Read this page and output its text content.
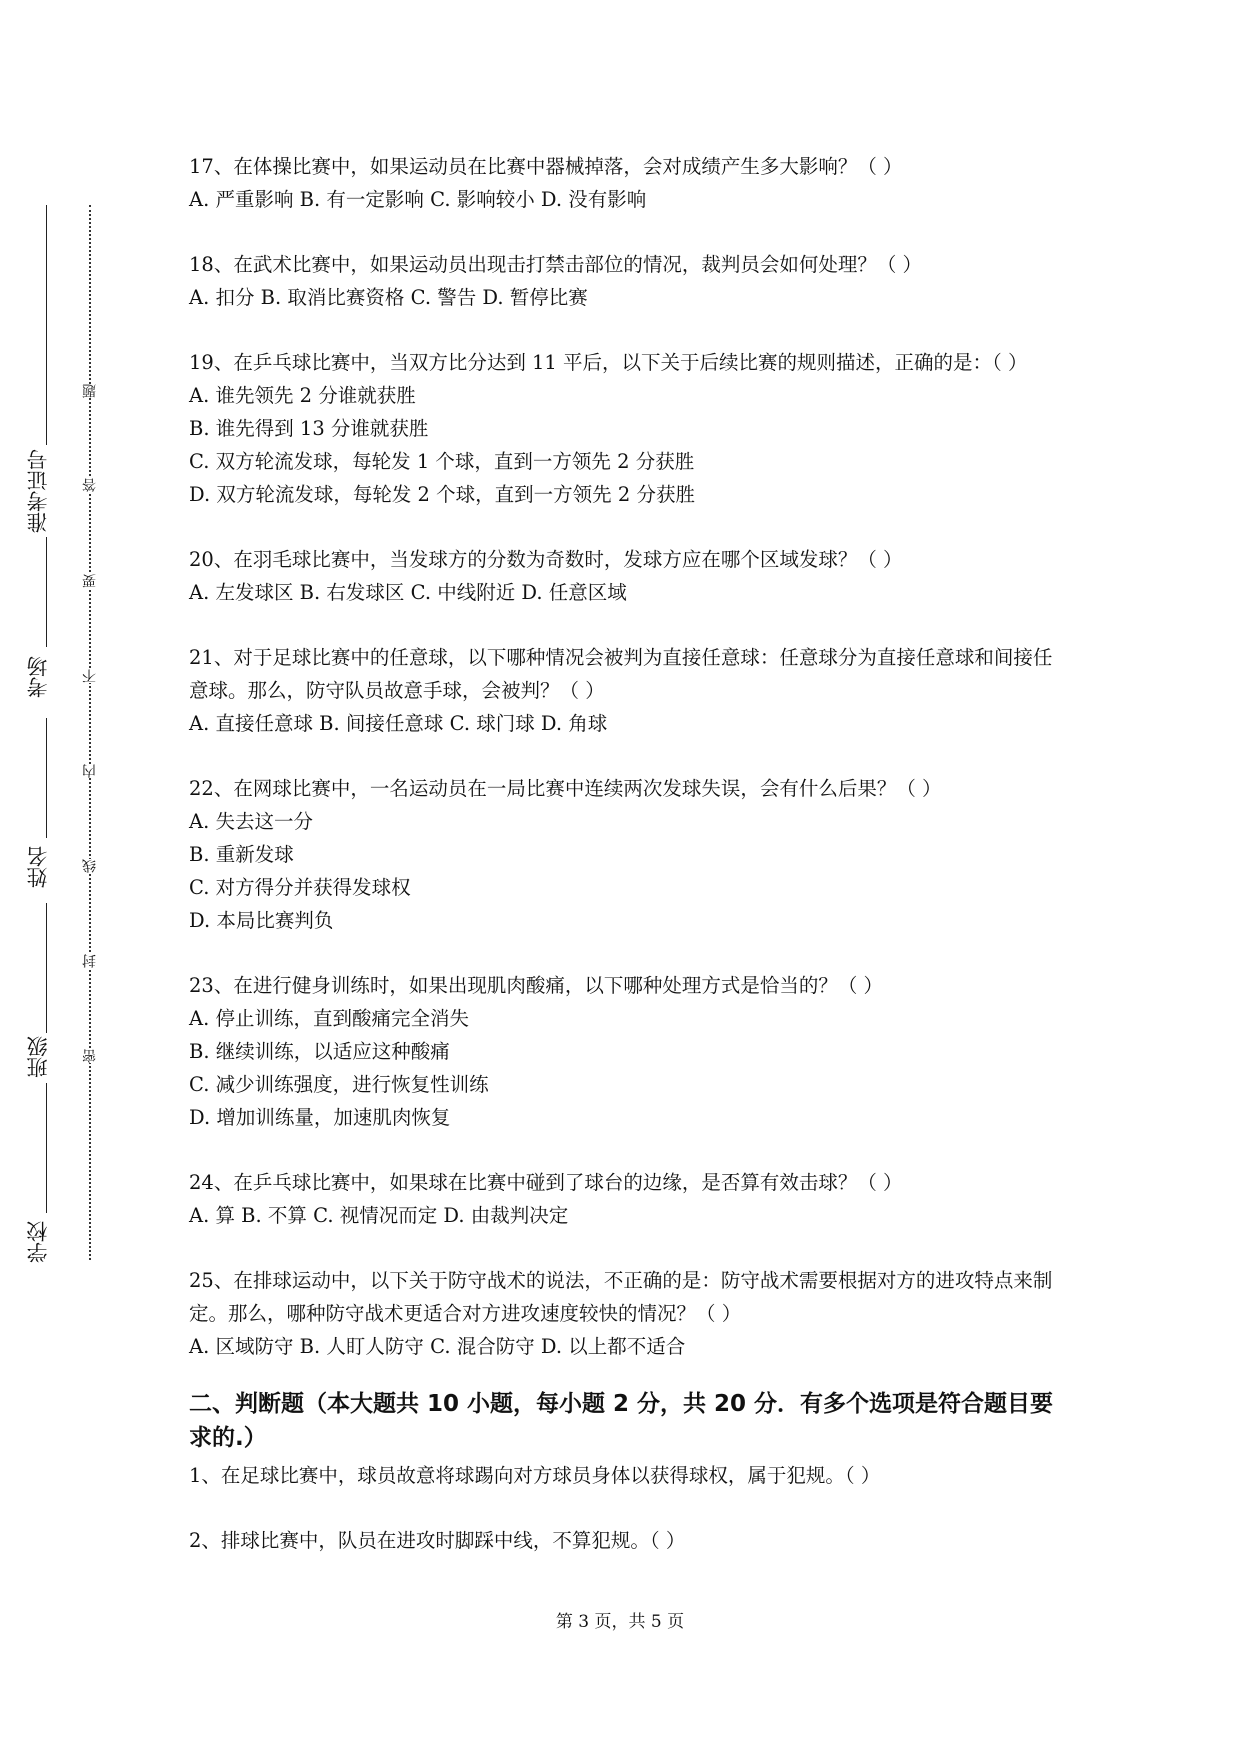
准考证号
考场
姓名
班级
学校
题
答
要
不
内
线
封
密

17、在体操比赛中，如果运动员在比赛中器械掉落，会对成绩产生多大影响？（ ）

A. 严重影响 B. 有一定影响 C. 影响较小 D. 没有影响

18、在武术比赛中，如果运动员出现击打禁击部位的情况，裁判员会如何处理？（ ）

A. 扣分 B. 取消比赛资格 C. 警告 D. 暂停比赛

19、在乒乓球比赛中，当双方比分达到 11 平后，以下关于后续比赛的规则描述，正确的是：（ ）

A. 谁先领先 2 分谁就获胜

B. 谁先得到 13 分谁就获胜

C. 双方轮流发球，每轮发 1 个球，直到一方领先 2 分获胜

D. 双方轮流发球，每轮发 2 个球，直到一方领先 2 分获胜

20、在羽毛球比赛中，当发球方的分数为奇数时，发球方应在哪个区域发球？（ ）

A. 左发球区 B. 右发球区 C. 中线附近 D. 任意区域

21、对于足球比赛中的任意球，以下哪种情况会被判为直接任意球：任意球分为直接任意球和间接任意球。那么，防守队员故意手球，会被判？（ ）

A. 直接任意球 B. 间接任意球 C. 球门球 D. 角球

22、在网球比赛中，一名运动员在一局比赛中连续两次发球失误，会有什么后果？（ ）

A. 失去这一分

B. 重新发球

C. 对方得分并获得发球权

D. 本局比赛判负

23、在进行健身训练时，如果出现肌肉酸痛，以下哪种处理方式是恰当的？（ ）

A. 停止训练，直到酸痛完全消失

B. 继续训练，以适应这种酸痛

C. 减少训练强度，进行恢复性训练

D. 增加训练量，加速肌肉恢复

24、在乒乓球比赛中，如果球在比赛中碰到了球台的边缘，是否算有效击球？（ ）

A. 算 B. 不算 C. 视情况而定 D. 由裁判决定

25、在排球运动中，以下关于防守战术的说法，不正确的是：防守战术需要根据对方的进攻特点来制定。那么，哪种防守战术更适合对方进攻速度较快的情况？（ ）

A. 区域防守 B. 人盯人防守 C. 混合防守 D. 以上都不适合

二、判断题（本大题共 10 小题，每小题 2 分，共 20 分．有多个选项是符合题目要求的.）

1、在足球比赛中，球员故意将球踢向对方球员身体以获得球权，属于犯规。（ ）

2、排球比赛中，队员在进攻时脚踩中线，不算犯规。（ ）

第 3 页，共 5 页
